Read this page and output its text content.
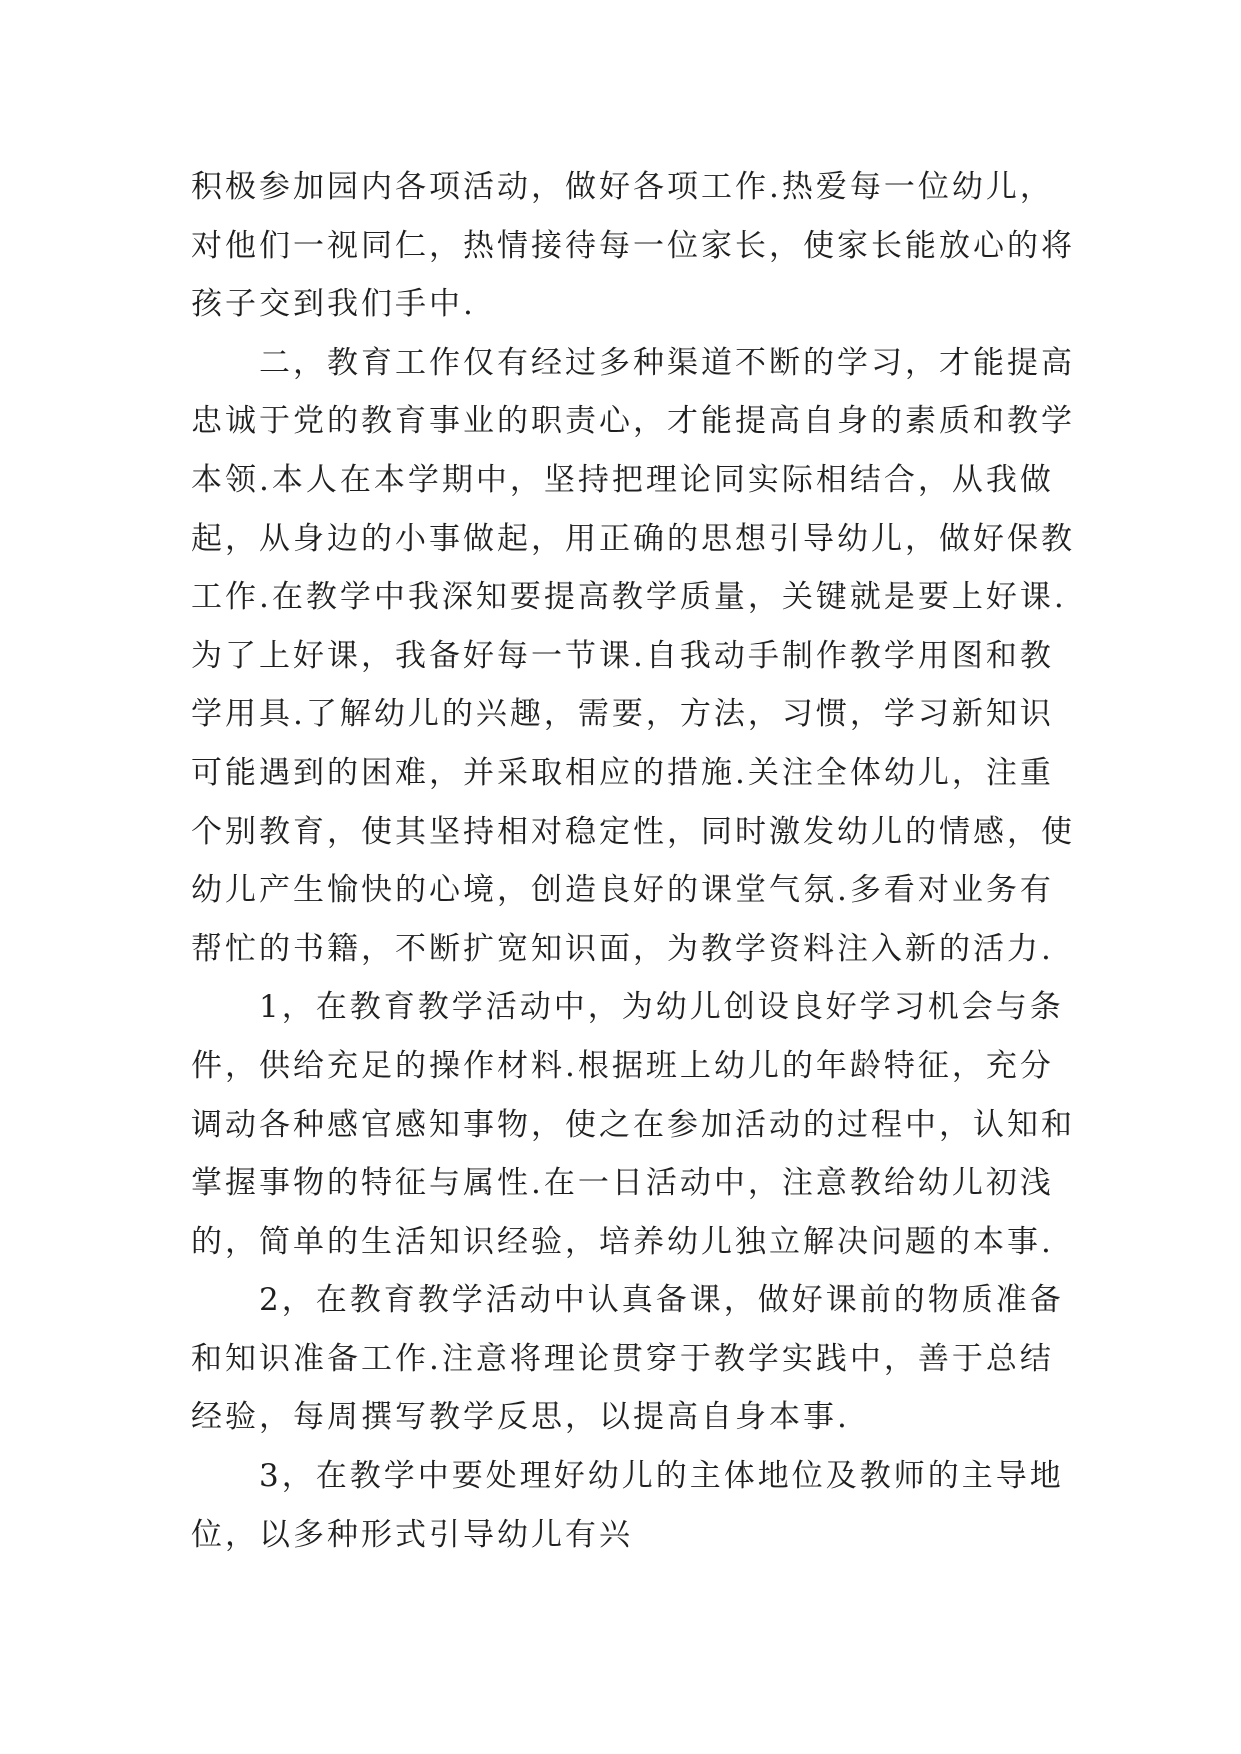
积极参加园内各项活动，做好各项工作.热爱每一位幼儿，
对他们一视同仁，热情接待每一位家长，使家长能放心的将
孩子交到我们手中.
二，教育工作仅有经过多种渠道不断的学习，才能提高
忠诚于党的教育事业的职责心，才能提高自身的素质和教学
本领.本人在本学期中，坚持把理论同实际相结合，从我做
起，从身边的小事做起，用正确的思想引导幼儿，做好保教
工作.在教学中我深知要提高教学质量，关键就是要上好课.
为了上好课，我备好每一节课.自我动手制作教学用图和教
学用具.了解幼儿的兴趣，需要，方法，习惯，学习新知识
可能遇到的困难，并采取相应的措施.关注全体幼儿，注重
个别教育，使其坚持相对稳定性，同时激发幼儿的情感，使
幼儿产生愉快的心境，创造良好的课堂气氛.多看对业务有
帮忙的书籍，不断扩宽知识面，为教学资料注入新的活力.
1，在教育教学活动中，为幼儿创设良好学习机会与条
件，供给充足的操作材料.根据班上幼儿的年龄特征，充分
调动各种感官感知事物，使之在参加活动的过程中，认知和
掌握事物的特征与属性.在一日活动中，注意教给幼儿初浅
的，简单的生活知识经验，培养幼儿独立解决问题的本事.
2，在教育教学活动中认真备课，做好课前的物质准备
和知识准备工作.注意将理论贯穿于教学实践中，善于总结
经验，每周撰写教学反思，以提高自身本事.
3，在教学中要处理好幼儿的主体地位及教师的主导地
位，以多种形式引导幼儿有兴
